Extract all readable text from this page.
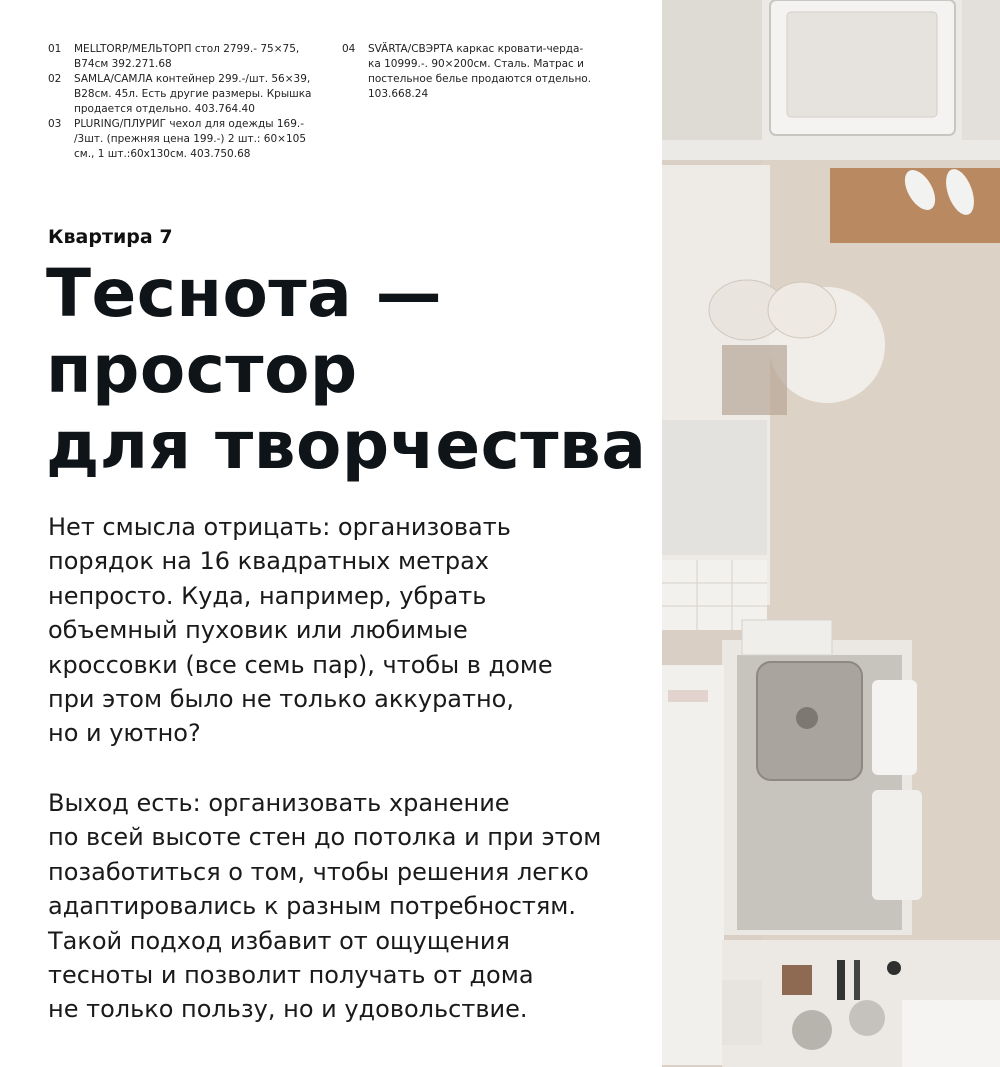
01	MELLTORP/МЕЛЬТОРП стол 2799.- 75×75,
В74см 392.271.68
02	SAMLA/САМЛА контейнер 299.-/шт. 56×39,
В28см. 45л. Есть другие размеры. Крышка
продается отдельно. 403.764.40
03	PLURING/ПЛУРИГ чехол для одежды 169.-
/3шт. (прежняя цена 199.-) 2 шт.: 60×105
см., 1 шт.:60x130см. 403.750.68
04	SVÄRTA/СВЭРТА каркас кровати-черда-
ка 10999.-. 90×200см. Сталь. Матрас и
постельное белье продаются отдельно.
103.668.24
Квартира 7
Теснота —
простор
для творчества

Нет смысла отрицать: организовать
порядок на 16 квадратных метрах
непросто. Куда, например, убрать
объемный пуховик или любимые
кроссовки (все семь пар), чтобы в доме
при этом было не только аккуратно,
но и уютно?

Выход есть: организовать хранение
по всей высоте стен до потолка и при этом
позаботиться о том, чтобы решения легко
адаптировались к разным потребностям.
Такой подход избавит от ощущения
тесноты и позволит получать от дома
не только пользу, но и удовольствие.
